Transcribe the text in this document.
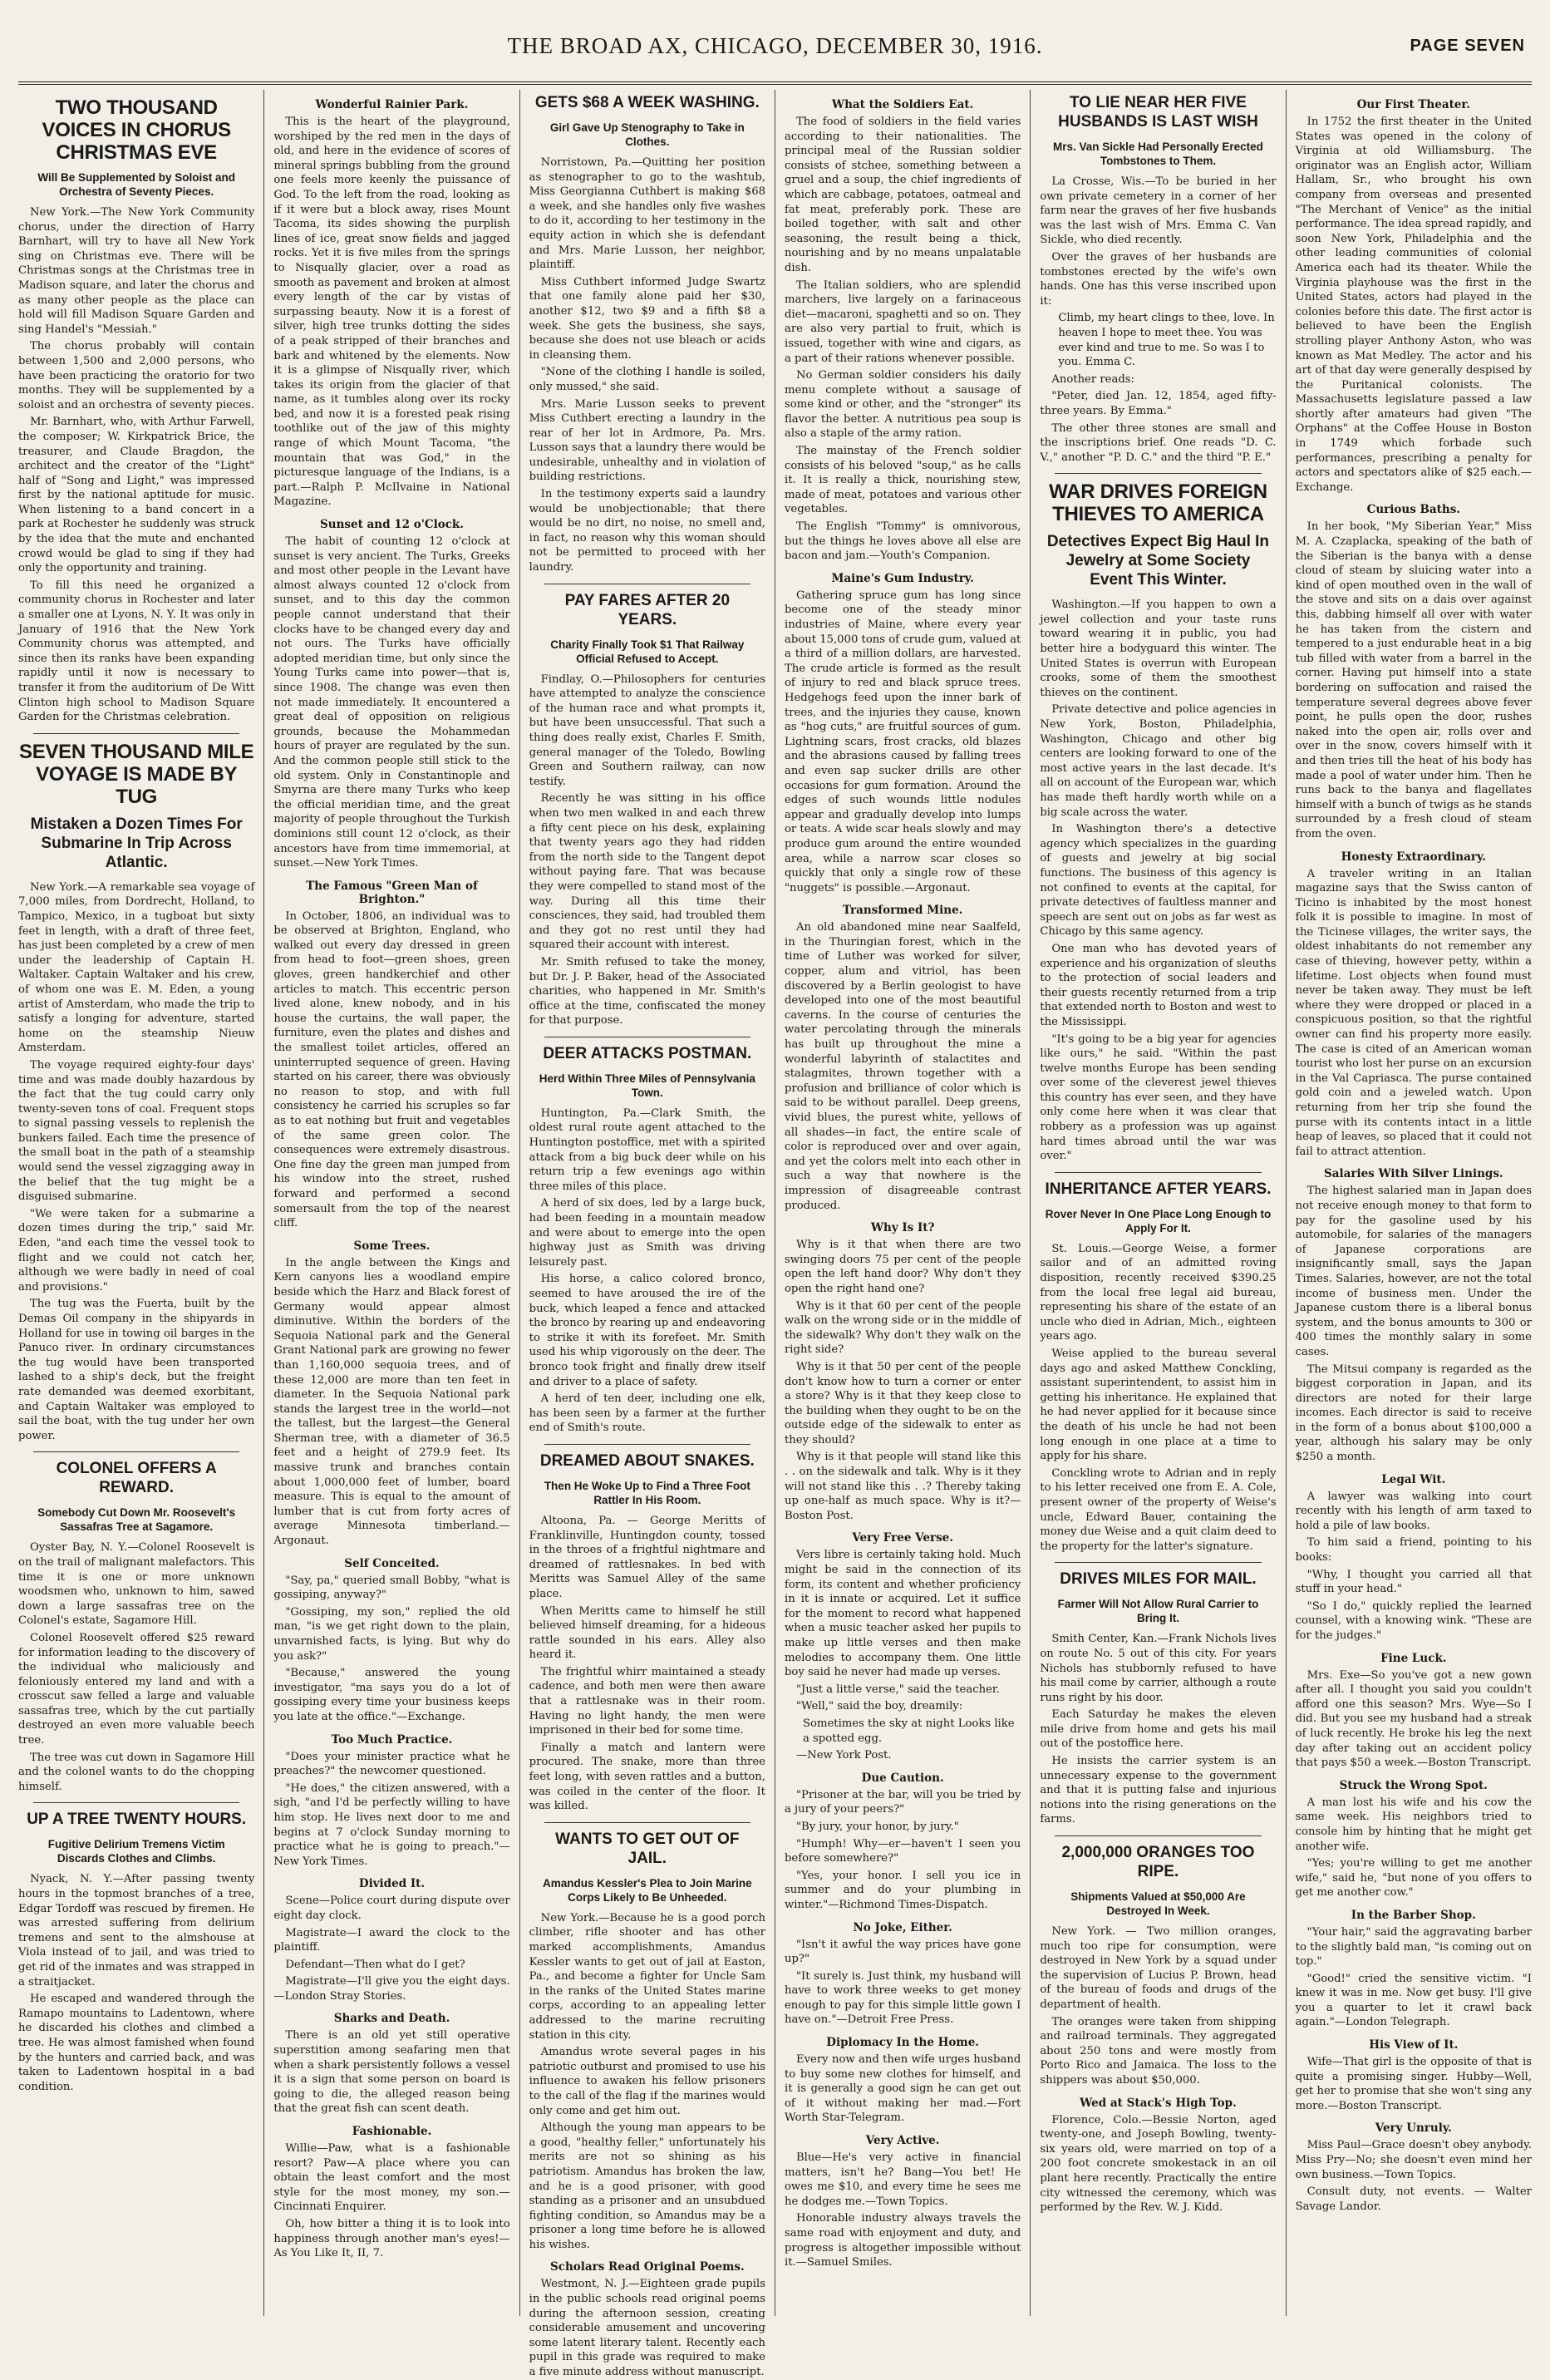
THE BROAD AX, CHICAGO, DECEMBER 30, 1916.	PAGE SEVEN
TWO THOUSAND VOICES IN CHORUS CHRISTMAS EVE
Will Be Supplemented by Soloist and Orchestra of Seventy Pieces.

New York.—The New York Community chorus, under the direction of Harry Barnhart, will try to have all New York sing on Christmas eve. There will be Christmas songs at the Christmas tree in Madison square, and later the chorus and as many other people as the place can hold will fill Madison Square Garden and sing Handel's "Messiah."

The chorus probably will contain between 1,500 and 2,000 persons, who have been practicing the oratorio for two months. They will be supplemented by a soloist and an orchestra of seventy pieces.

Mr. Barnhart, who, with Arthur Farwell, the composer; W. Kirkpatrick Brice, the treasurer, and Claude Bragdon, the architect and the creator of the "Light" half of "Song and Light," was impressed first by the national aptitude for music. When listening to a band concert in a park at Rochester he suddenly was struck by the idea that the mute and enchanted crowd would be glad to sing if they had only the opportunity and training.

To fill this need he organized a community chorus in Rochester and later a smaller one at Lyons, N. Y. It was only in January of 1916 that the New York Community chorus was attempted, and since then its ranks have been expanding rapidly until it now is necessary to transfer it from the auditorium of De Witt Clinton high school to Madison Square Garden for the Christmas celebration.

SEVEN THOUSAND MILE VOYAGE IS MADE BY TUG
Mistaken a Dozen Times For Submarine In Trip Across Atlantic.

New York.—A remarkable sea voyage of 7,000 miles, from Dordrecht, Holland, to Tampico, Mexico, in a tugboat but sixty feet in length, with a draft of three feet, has just been completed by a crew of men under the leadership of Captain H. Waltaker. Captain Waltaker and his crew, of whom one was E. M. Eden, a young artist of Amsterdam, who made the trip to satisfy a longing for adventure, started home on the steamship Nieuw Amsterdam.

The voyage required eighty-four days' time and was made doubly hazardous by the fact that the tug could carry only twenty-seven tons of coal. Frequent stops to signal passing vessels to replenish the bunkers failed. Each time the presence of the small boat in the path of a steamship would send the vessel zigzagging away in the belief that the tug might be a disguised submarine.

"We were taken for a submarine a dozen times during the trip," said Mr. Eden, "and each time the vessel took to flight and we could not catch her, although we were badly in need of coal and provisions."

The tug was the Fuerta, built by the Demas Oil company in the shipyards in Holland for use in towing oil barges in the Panuco river. In ordinary circumstances the tug would have been transported lashed to a ship's deck, but the freight rate demanded was deemed exorbitant, and Captain Waltaker was employed to sail the boat, with the tug under her own power.

COLONEL OFFERS A REWARD.
Somebody Cut Down Mr. Roosevelt's Sassafras Tree at Sagamore.

Oyster Bay, N. Y.—Colonel Roosevelt is on the trail of malignant malefactors. This time it is one or more unknown woodsmen who, unknown to him, sawed down a large sassafras tree on the Colonel's estate, Sagamore Hill.

Colonel Roosevelt offered $25 reward for information leading to the discovery of the individual who maliciously and feloniously entered my land and with a crosscut saw felled a large and valuable sassafras tree, which by the cut partially destroyed an even more valuable beech tree.

The tree was cut down in Sagamore Hill and the colonel wants to do the chopping himself.

UP A TREE TWENTY HOURS.
Fugitive Delirium Tremens Victim Discards Clothes and Climbs.

Nyack, N. Y.—After passing twenty hours in the topmost branches of a tree, Edgar Tordoff was rescued by firemen. He was arrested suffering from delirium tremens and sent to the almshouse at Viola instead of to jail, and was tried to get rid of the inmates and was strapped in a straitjacket.

He escaped and wandered through the Ramapo mountains to Ladentown, where he discarded his clothes and climbed a tree. He was almost famished when found by the hunters and carried back, and was taken to Ladentown hospital in a bad condition.

Wonderful Rainier Park.

This is the heart of the playground, worshiped by the red men in the days of old, and here in the evidence of scores of mineral springs bubbling from the ground one feels more keenly the puissance of God. To the left from the road, looking as if it were but a block away, rises Mount Tacoma, its sides showing the purplish lines of ice, great snow fields and jagged rocks. Yet it is five miles from the springs to Nisqually glacier, over a road as smooth as pavement and broken at almost every length of the car by vistas of surpassing beauty. Now it is a forest of silver, high tree trunks dotting the sides of a peak stripped of their branches and bark and whitened by the elements. Now it is a glimpse of Nisqually river, which takes its origin from the glacier of that name, as it tumbles along over its rocky bed, and now it is a forested peak rising toothlike out of the jaw of this mighty range of which Mount Tacoma, "the mountain that was God," in the picturesque language of the Indians, is a part.—Ralph P. McIlvaine in National Magazine.

Sunset and 12 o'Clock.

The habit of counting 12 o'clock at sunset is very ancient. The Turks, Greeks and most other people in the Levant have almost always counted 12 o'clock from sunset, and to this day the common people cannot understand that their clocks have to be changed every day and not ours. The Turks have officially adopted meridian time, but only since the Young Turks came into power—that is, since 1908. The change was even then not made immediately. It encountered a great deal of opposition on religious grounds, because the Mohammedan hours of prayer are regulated by the sun. And the common people still stick to the old system. Only in Constantinople and Smyrna are there many Turks who keep the official meridian time, and the great majority of people throughout the Turkish dominions still count 12 o'clock, as their ancestors have from time immemorial, at sunset.—New York Times.

The Famous "Green Man of Brighton."

In October, 1806, an individual was to be observed at Brighton, England, who walked out every day dressed in green from head to foot—green shoes, green gloves, green handkerchief and other articles to match. This eccentric person lived alone, knew nobody, and in his house the curtains, the wall paper, the furniture, even the plates and dishes and the smallest toilet articles, offered an uninterrupted sequence of green. Having started on his career, there was obviously no reason to stop, and with full consistency he carried his scruples so far as to eat nothing but fruit and vegetables of the same green color. The consequences were extremely disastrous. One fine day the green man jumped from his window into the street, rushed forward and performed a second somersault from the top of the nearest cliff.

Some Trees.

In the angle between the Kings and Kern canyons lies a woodland empire beside which the Harz and Black forest of Germany would appear almost diminutive. Within the borders of the Sequoia National park and the General Grant National park are growing no fewer than 1,160,000 sequoia trees, and of these 12,000 are more than ten feet in diameter. In the Sequoia National park stands the largest tree in the world—not the tallest, but the largest—the General Sherman tree, with a diameter of 36.5 feet and a height of 279.9 feet. Its massive trunk and branches contain about 1,000,000 feet of lumber, board measure. This is equal to the amount of lumber that is cut from forty acres of average Minnesota timberland.—Argonaut.

Self Conceited.

"Say, pa," queried small Bobby, "what is gossiping, anyway?"

"Gossiping, my son," replied the old man, "is we get right down to the plain, unvarnished facts, is lying. But why do you ask?"

"Because," answered the young investigator, "ma says you do a lot of gossiping every time your business keeps you late at the office."—Exchange.

Too Much Practice.

"Does your minister practice what he preaches?" the newcomer questioned.

"He does," the citizen answered, with a sigh, "and I'd be perfectly willing to have him stop. He lives next door to me and begins at 7 o'clock Sunday morning to practice what he is going to preach."—New York Times.

Divided It.

Scene—Police court during dispute over eight day clock.

Magistrate—I award the clock to the plaintiff.

Defendant—Then what do I get?

Magistrate—I'll give you the eight days.—London Stray Stories.

Sharks and Death.

There is an old yet still operative superstition among seafaring men that when a shark persistently follows a vessel it is a sign that some person on board is going to die, the alleged reason being that the great fish can scent death.

Fashionable.

Willie—Paw, what is a fashionable resort? Paw—A place where you can obtain the least comfort and the most style for the most money, my son.—Cincinnati Enquirer.

Oh, how bitter a thing it is to look into happiness through another man's eyes!—As You Like It, II, 7.

GETS $68 A WEEK WASHING.
Girl Gave Up Stenography to Take in Clothes.

Norristown, Pa.—Quitting her position as stenographer to go to the washtub, Miss Georgianna Cuthbert is making $68 a week, and she handles only five washes to do it, according to her testimony in the equity action in which she is defendant and Mrs. Marie Lusson, her neighbor, plaintiff.

Miss Cuthbert informed Judge Swartz that one family alone paid her $30, another $12, two $9 and a fifth $8 a week. She gets the business, she says, because she does not use bleach or acids in cleansing them.

"None of the clothing I handle is soiled, only mussed," she said.

Mrs. Marie Lusson seeks to prevent Miss Cuthbert erecting a laundry in the rear of her lot in Ardmore, Pa. Mrs. Lusson says that a laundry there would be undesirable, unhealthy and in violation of building restrictions.

In the testimony experts said a laundry would be unobjectionable; that there would be no dirt, no noise, no smell and, in fact, no reason why this woman should not be permitted to proceed with her laundry.

PAY FARES AFTER 20 YEARS.
Charity Finally Took $1 That Railway Official Refused to Accept.

Findlay, O.—Philosophers for centuries have attempted to analyze the conscience of the human race and what prompts it, but have been unsuccessful. That such a thing does really exist, Charles F. Smith, general manager of the Toledo, Bowling Green and Southern railway, can now testify.

Recently he was sitting in his office when two men walked in and each threw a fifty cent piece on his desk, explaining that twenty years ago they had ridden from the north side to the Tangent depot without paying fare. That was because they were compelled to stand most of the way. During all this time their consciences, they said, had troubled them and they got no rest until they had squared their account with interest.

Mr. Smith refused to take the money, but Dr. J. P. Baker, head of the Associated charities, who happened in Mr. Smith's office at the time, confiscated the money for that purpose.

DEER ATTACKS POSTMAN.
Herd Within Three Miles of Pennsylvania Town.

Huntington, Pa.—Clark Smith, the oldest rural route agent attached to the Huntington postoffice, met with a spirited attack from a big buck deer while on his return trip a few evenings ago within three miles of this place.

A herd of six does, led by a large buck, had been feeding in a mountain meadow and were about to emerge into the open highway just as Smith was driving leisurely past.

His horse, a calico colored bronco, seemed to have aroused the ire of the buck, which leaped a fence and attacked the bronco by rearing up and endeavoring to strike it with its forefeet. Mr. Smith used his whip vigorously on the deer. The bronco took fright and finally drew itself and driver to a place of safety.

A herd of ten deer, including one elk, has been seen by a farmer at the further end of Smith's route.

DREAMED ABOUT SNAKES.
Then He Woke Up to Find a Three Foot Rattler In His Room.

Altoona, Pa. — George Meritts of Franklinville, Huntingdon county, tossed in the throes of a frightful nightmare and dreamed of rattlesnakes. In bed with Meritts was Samuel Alley of the same place.

When Meritts came to himself he still believed himself dreaming, for a hideous rattle sounded in his ears. Alley also heard it.

The frightful whirr maintained a steady cadence, and both men were then aware that a rattlesnake was in their room. Having no light handy, the men were imprisoned in their bed for some time.

Finally a match and lantern were procured. The snake, more than three feet long, with seven rattles and a button, was coiled in the center of the floor. It was killed.

WANTS TO GET OUT OF JAIL.
Amandus Kessler's Plea to Join Marine Corps Likely to Be Unheeded.

New York.—Because he is a good porch climber, rifle shooter and has other marked accomplishments, Amandus Kessler wants to get out of jail at Easton, Pa., and become a fighter for Uncle Sam in the ranks of the United States marine corps, according to an appealing letter addressed to the marine recruiting station in this city.

Amandus wrote several pages in his patriotic outburst and promised to use his influence to awaken his fellow prisoners to the call of the flag if the marines would only come and get him out.

Although the young man appears to be a good, "healthy feller," unfortunately his merits are not so shining as his patriotism. Amandus has broken the law, and he is a good prisoner, with good standing as a prisoner and an unsubdued fighting condition, so Amandus may be a prisoner a long time before he is allowed his wishes.

Scholars Read Original Poems.

Westmont, N. J.—Eighteen grade pupils in the public schools read original poems during the afternoon session, creating considerable amusement and uncovering some latent literary talent. Recently each pupil in this grade was required to make a five minute address without manuscript.

What the Soldiers Eat.

The food of soldiers in the field varies according to their nationalities. The principal meal of the Russian soldier consists of stchee, something between a gruel and a soup, the chief ingredients of which are cabbage, potatoes, oatmeal and fat meat, preferably pork. These are boiled together, with salt and other seasoning, the result being a thick, nourishing and by no means unpalatable dish.

The Italian soldiers, who are splendid marchers, live largely on a farinaceous diet—macaroni, spaghetti and so on. They are also very partial to fruit, which is issued, together with wine and cigars, as a part of their rations whenever possible.

No German soldier considers his daily menu complete without a sausage of some kind or other, and the "stronger" its flavor the better. A nutritious pea soup is also a staple of the army ration.

The mainstay of the French soldier consists of his beloved "soup," as he calls it. It is really a thick, nourishing stew, made of meat, potatoes and various other vegetables.

The English "Tommy" is omnivorous, but the things he loves above all else are bacon and jam.—Youth's Companion.

Maine's Gum Industry.

Gathering spruce gum has long since become one of the steady minor industries of Maine, where every year about 15,000 tons of crude gum, valued at a third of a million dollars, are harvested. The crude article is formed as the result of injury to red and black spruce trees. Hedgehogs feed upon the inner bark of trees, and the injuries they cause, known as "hog cuts," are fruitful sources of gum. Lightning scars, frost cracks, old blazes and the abrasions caused by falling trees and even sap sucker drills are other occasions for gum formation. Around the edges of such wounds little nodules appear and gradually develop into lumps or teats. A wide scar heals slowly and may produce gum around the entire wounded area, while a narrow scar closes so quickly that only a single row of these "nuggets" is possible.—Argonaut.

Transformed Mine.

An old abandoned mine near Saalfeld, in the Thuringian forest, which in the time of Luther was worked for silver, copper, alum and vitriol, has been discovered by a Berlin geologist to have developed into one of the most beautiful caverns. In the course of centuries the water percolating through the minerals has built up throughout the mine a wonderful labyrinth of stalactites and stalagmites, thrown together with a profusion and brilliance of color which is said to be without parallel. Deep greens, vivid blues, the purest white, yellows of all shades—in fact, the entire scale of color is reproduced over and over again, and yet the colors melt into each other in such a way that nowhere is the impression of disagreeable contrast produced.

Why Is It?

Why is it that when there are two swinging doors 75 per cent of the people open the left hand door? Why don't they open the right hand one?

Why is it that 60 per cent of the people walk on the wrong side or in the middle of the sidewalk? Why don't they walk on the right side?

Why is it that 50 per cent of the people don't know how to turn a corner or enter a store? Why is it that they keep close to the building when they ought to be on the outside edge of the sidewalk to enter as they should?

Why is it that people will stand like this . . on the sidewalk and talk. Why is it they will not stand like this . .? Thereby taking up one-half as much space. Why is it?—Boston Post.

Very Free Verse.

Vers libre is certainly taking hold. Much might be said in the connection of its form, its content and whether proficiency in it is innate or acquired. Let it suffice for the moment to record what happened when a music teacher asked her pupils to make up little verses and then make melodies to accompany them. One little boy said he never had made up verses.

"Just a little verse," said the teacher.

"Well," said the boy, dreamily:

Sometimes the sky at night Looks like a spotted egg.

—New York Post.

Due Caution.

"Prisoner at the bar, will you be tried by a jury of your peers?"

"By jury, your honor, by jury."

"Humph! Why—er—haven't I seen you before somewhere?"

"Yes, your honor. I sell you ice in summer and do your plumbing in winter."—Richmond Times-Dispatch.

No Joke, Either.

"Isn't it awful the way prices have gone up?"

"It surely is. Just think, my husband will have to work three weeks to get money enough to pay for this simple little gown I have on."—Detroit Free Press.

Diplomacy In the Home.

Every now and then wife urges husband to buy some new clothes for himself, and it is generally a good sign he can get out of it without making her mad.—Fort Worth Star-Telegram.

Very Active.

Blue—He's very active in financial matters, isn't he? Bang—You bet! He owes me $10, and every time he sees me he dodges me.—Town Topics.

Honorable industry always travels the same road with enjoyment and duty, and progress is altogether impossible without it.—Samuel Smiles.

TO LIE NEAR HER FIVE HUSBANDS IS LAST WISH
Mrs. Van Sickle Had Personally Erected Tombstones to Them.

La Crosse, Wis.—To be buried in her own private cemetery in a corner of her farm near the graves of her five husbands was the last wish of Mrs. Emma C. Van Sickle, who died recently.

Over the graves of her husbands are tombstones erected by the wife's own hands. One has this verse inscribed upon it:

Climb, my heart clings to thee, love. In heaven I hope to meet thee. You was ever kind and true to me. So was I to you. Emma C.

Another reads:

"Peter, died Jan. 12, 1854, aged fifty-three years. By Emma."

The other three stones are small and the inscriptions brief. One reads "D. C. V.," another "P. D. C." and the third "P. E."

WAR DRIVES FOREIGN THIEVES TO AMERICA
Detectives Expect Big Haul In Jewelry at Some Society Event This Winter.

Washington.—If you happen to own a jewel collection and your taste runs toward wearing it in public, you had better hire a bodyguard this winter. The United States is overrun with European crooks, some of them the smoothest thieves on the continent.

Private detective and police agencies in New York, Boston, Philadelphia, Washington, Chicago and other big centers are looking forward to one of the most active years in the last decade. It's all on account of the European war, which has made theft hardly worth while on a big scale across the water.

In Washington there's a detective agency which specializes in the guarding of guests and jewelry at big social functions. The business of this agency is not confined to events at the capital, for private detectives of faultless manner and speech are sent out on jobs as far west as Chicago by this same agency.

One man who has devoted years of experience and his organization of sleuths to the protection of social leaders and their guests recently returned from a trip that extended north to Boston and west to the Mississippi.

"It's going to be a big year for agencies like ours," he said. "Within the past twelve months Europe has been sending over some of the cleverest jewel thieves this country has ever seen, and they have only come here when it was clear that robbery as a profession was up against hard times abroad until the war was over."

INHERITANCE AFTER YEARS.
Rover Never In One Place Long Enough to Apply For It.

St. Louis.—George Weise, a former sailor and of an admitted roving disposition, recently received $390.25 from the local free legal aid bureau, representing his share of the estate of an uncle who died in Adrian, Mich., eighteen years ago.

Weise applied to the bureau several days ago and asked Matthew Conckling, assistant superintendent, to assist him in getting his inheritance. He explained that he had never applied for it because since the death of his uncle he had not been long enough in one place at a time to apply for his share.

Conckling wrote to Adrian and in reply to his letter received one from E. A. Cole, present owner of the property of Weise's uncle, Edward Bauer, containing the money due Weise and a quit claim deed to the property for the latter's signature.

DRIVES MILES FOR MAIL.
Farmer Will Not Allow Rural Carrier to Bring It.

Smith Center, Kan.—Frank Nichols lives on route No. 5 out of this city. For years Nichols has stubbornly refused to have his mail come by carrier, although a route runs right by his door.

Each Saturday he makes the eleven mile drive from home and gets his mail out of the postoffice here.

He insists the carrier system is an unnecessary expense to the government and that it is putting false and injurious notions into the rising generations on the farms.

2,000,000 ORANGES TOO RIPE.
Shipments Valued at $50,000 Are Destroyed In Week.

New York. — Two million oranges, much too ripe for consumption, were destroyed in New York by a squad under the supervision of Lucius P. Brown, head of the bureau of foods and drugs of the department of health.

The oranges were taken from shipping and railroad terminals. They aggregated about 250 tons and were mostly from Porto Rico and Jamaica. The loss to the shippers was about $50,000.

Wed at Stack's High Top.

Florence, Colo.—Bessie Norton, aged twenty-one, and Joseph Bowling, twenty-six years old, were married on top of a 200 foot concrete smokestack in an oil plant here recently. Practically the entire city witnessed the ceremony, which was performed by the Rev. W. J. Kidd.

Our First Theater.

In 1752 the first theater in the United States was opened in the colony of Virginia at old Williamsburg. The originator was an English actor, William Hallam, Sr., who brought his own company from overseas and presented "The Merchant of Venice" as the initial performance. The idea spread rapidly, and soon New York, Philadelphia and the other leading communities of colonial America each had its theater. While the Virginia playhouse was the first in the United States, actors had played in the colonies before this date. The first actor is believed to have been the English strolling player Anthony Aston, who was known as Mat Medley. The actor and his art of that day were generally despised by the Puritanical colonists. The Massachusetts legislature passed a law shortly after amateurs had given "The Orphans" at the Coffee House in Boston in 1749 which forbade such performances, prescribing a penalty for actors and spectators alike of $25 each.—Exchange.

Curious Baths.

In her book, "My Siberian Year," Miss M. A. Czaplacka, speaking of the bath of the Siberian is the banya with a dense cloud of steam by sluicing water into a kind of open mouthed oven in the wall of the stove and sits on a dais over against this, dabbing himself all over with water he has taken from the cistern and tempered to a just endurable heat in a big tub filled with water from a barrel in the corner. Having put himself into a state bordering on suffocation and raised the temperature several degrees above fever point, he pulls open the door, rushes naked into the open air, rolls over and over in the snow, covers himself with it and then tries till the heat of his body has made a pool of water under him. Then he runs back to the banya and flagellates himself with a bunch of twigs as he stands surrounded by a fresh cloud of steam from the oven.

Honesty Extraordinary.

A traveler writing in an Italian magazine says that the Swiss canton of Ticino is inhabited by the most honest folk it is possible to imagine. In most of the Ticinese villages, the writer says, the oldest inhabitants do not remember any case of thieving, however petty, within a lifetime. Lost objects when found must never be taken away. They must be left where they were dropped or placed in a conspicuous position, so that the rightful owner can find his property more easily. The case is cited of an American woman tourist who lost her purse on an excursion in the Val Capriasca. The purse contained gold coin and a jeweled watch. Upon returning from her trip she found the purse with its contents intact in a little heap of leaves, so placed that it could not fail to attract attention.

Salaries With Silver Linings.

The highest salaried man in Japan does not receive enough money to that form to pay for the gasoline used by his automobile, for salaries of the managers of Japanese corporations are insignificantly small, says the Japan Times. Salaries, however, are not the total income of business men. Under the Japanese custom there is a liberal bonus system, and the bonus amounts to 300 or 400 times the monthly salary in some cases.

The Mitsui company is regarded as the biggest corporation in Japan, and its directors are noted for their large incomes. Each director is said to receive in the form of a bonus about $100,000 a year, although his salary may be only $250 a month.

Legal Wit.

A lawyer was walking into court recently with his length of arm taxed to hold a pile of law books.

To him said a friend, pointing to his books:

"Why, I thought you carried all that stuff in your head."

"So I do," quickly replied the learned counsel, with a knowing wink. "These are for the judges."

Fine Luck.

Mrs. Exe—So you've got a new gown after all. I thought you said you couldn't afford one this season? Mrs. Wye—So I did. But you see my husband had a streak of luck recently. He broke his leg the next day after taking out an accident policy that pays $50 a week.—Boston Transcript.

Struck the Wrong Spot.

A man lost his wife and his cow the same week. His neighbors tried to console him by hinting that he might get another wife.

"Yes; you're willing to get me another wife," said he, "but none of you offers to get me another cow."

In the Barber Shop.

"Your hair," said the aggravating barber to the slightly bald man, "is coming out on top."

"Good!" cried the sensitive victim. "I knew it was in me. Now get busy. I'll give you a quarter to let it crawl back again."—London Telegraph.

His View of It.

Wife—That girl is the opposite of that is quite a promising singer. Hubby—Well, get her to promise that she won't sing any more.—Boston Transcript.

Very Unruly.

Miss Paul—Grace doesn't obey anybody. Miss Pry—No; she doesn't even mind her own business.—Town Topics.

Consult duty, not events. — Walter Savage Landor.
